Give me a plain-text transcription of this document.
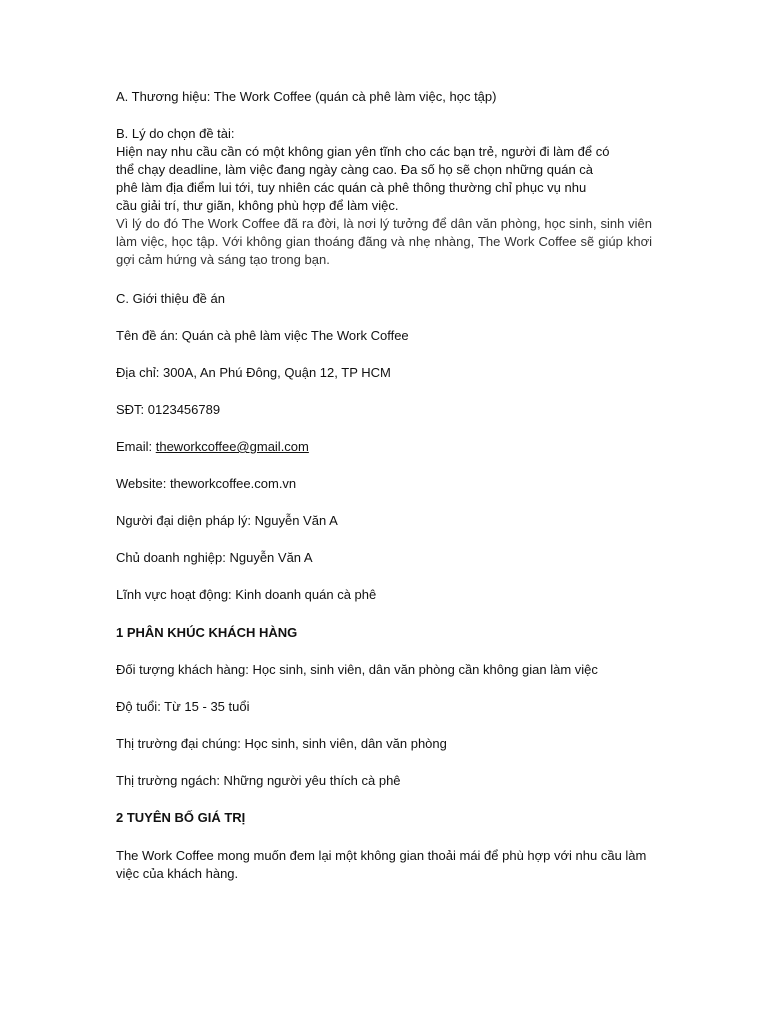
A. Thương hiệu: The Work Coffee (quán cà phê làm việc, học tập)
B. Lý do chọn đề tài:
Hiện nay nhu cầu cần có một không gian yên tĩnh cho các bạn trẻ, người đi làm để có
thể chạy deadline, làm việc đang ngày càng cao. Đa số họ sẽ chọn những quán cà
phê làm địa điểm lui tới, tuy nhiên các quán cà phê thông thường chỉ phục vụ nhu
cầu giải trí, thư giãn, không phù hợp để làm việc.
Vì lý do đó The Work Coffee đã ra đời, là nơi lý tưởng để dân văn phòng, học sinh, sinh viên làm việc, học tập. Với không gian thoáng đãng và nhẹ nhàng, The Work Coffee sẽ giúp khơi gợi cảm hứng và sáng tạo trong bạn.
C. Giới thiệu đề án
Tên đề án: Quán cà phê làm việc The Work Coffee
Địa chỉ: 300A, An Phú Đông, Quận 12, TP HCM
SĐT: 0123456789
Email: theworkcoffee@gmail.com
Website: theworkcoffee.com.vn
Người đại diện pháp lý: Nguyễn Văn A
Chủ doanh nghiệp: Nguyễn Văn A
Lĩnh vực hoạt động: Kinh doanh quán cà phê
1 PHÂN KHÚC KHÁCH HÀNG
Đối tượng khách hàng: Học sinh, sinh viên, dân văn phòng cần không gian làm việc
Độ tuổi: Từ 15 - 35 tuổi
Thị trường đại chúng: Học sinh, sinh viên, dân văn phòng
Thị trường ngách: Những người yêu thích cà phê
2 TUYÊN BỐ GIÁ TRỊ
The Work Coffee mong muốn đem lại một không gian thoải mái để phù hợp với nhu cầu làm việc của khách hàng.
